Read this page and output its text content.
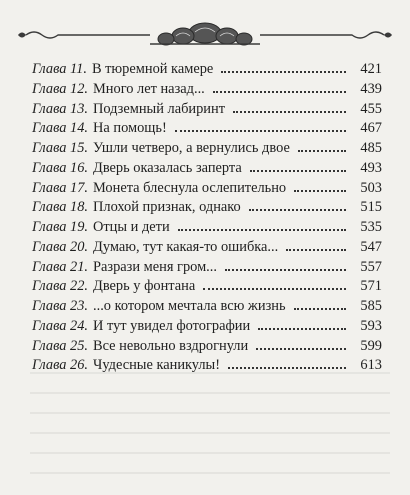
Глава 11. В тюремной камере	421
Глава 12. Много лет назад...	439
Глава 13. Подземный лабиринт	455
Глава 14. На помощь!	467
Глава 15. Ушли четверо, а вернулись двое	485
Глава 16. Дверь оказалась заперта	493
Глава 17. Монета блеснула ослепительно	503
Глава 18. Плохой признак, однако	515
Глава 19. Отцы и дети	535
Глава 20. Думаю, тут какая-то ошибка...	547
Глава 21. Разрази меня гром...	557
Глава 22. Дверь у фонтана	571
Глава 23. ...о котором мечтала всю жизнь	585
Глава 24. И тут увидел фотографии	593
Глава 25. Все невольно вздрогнули	599
Глава 26. Чудесные каникулы!	613
